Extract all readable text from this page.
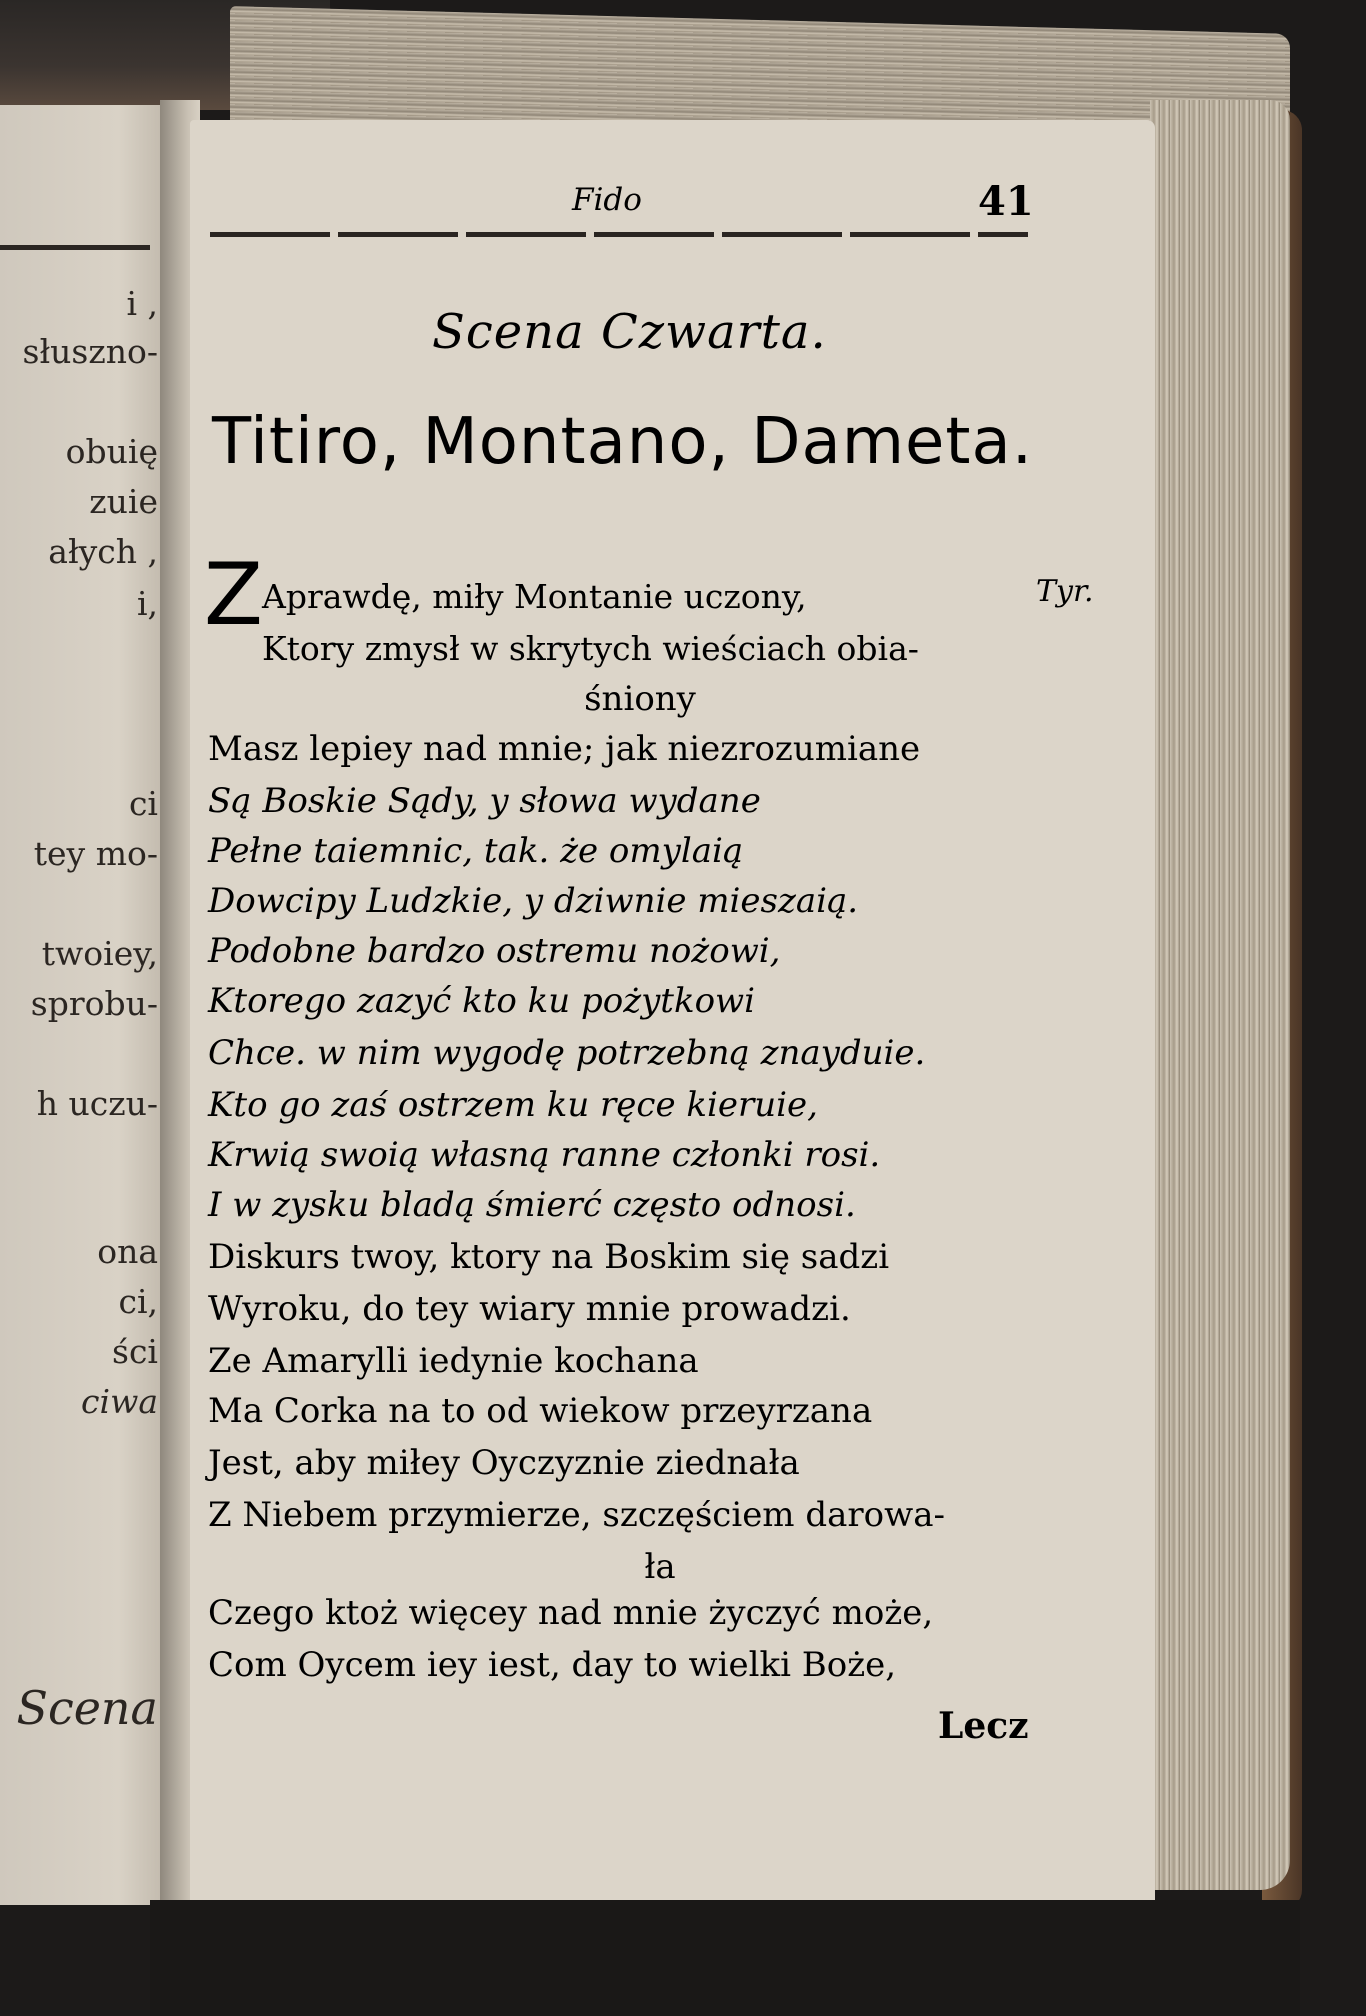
i ,
słuszno-
obuię
zuie
ałych ,
i,
ci
tey mo-
twoiey,
sprobu-
h uczu-
ona
ci,
ści
ciwa
Scena
Fido	41
Scena Czwarta.
Titiro, Montano, Dameta.
Z	Tyr.
Aprawdę, miły Montanie uczony,
Ktory zmysł w skrytych wieściach obia-
śniony
Masz lepiey nad mnie; jak niezrozumiane
Są Boskie Sądy, y słowa wydane
Pełne taiemnic, tak. że omylaią
Dowcipy Ludzkie, y dziwnie mieszaią.
Podobne bardzo ostremu nożowi,
Ktorego zazyć kto ku pożytkowi
Chce. w nim wygodę potrzebną znayduie.
Kto go zaś ostrzem ku ręce kieruie,
Krwią swoią własną ranne członki rosi.
I w zysku bladą śmierć często odnosi.
Diskurs twoy, ktory na Boskim się sadzi
Wyroku, do tey wiary mnie prowadzi.
Ze Amarylli iedynie kochana
Ma Corka na to od wiekow przeyrzana
Jest, aby miłey Oyczyznie ziednała
Z Niebem przymierze, szczęściem darowa-
ła
Czego ktoż więcey nad mnie życzyć może,
Com Oycem iey iest, day to wielki Boże,
Lecz
